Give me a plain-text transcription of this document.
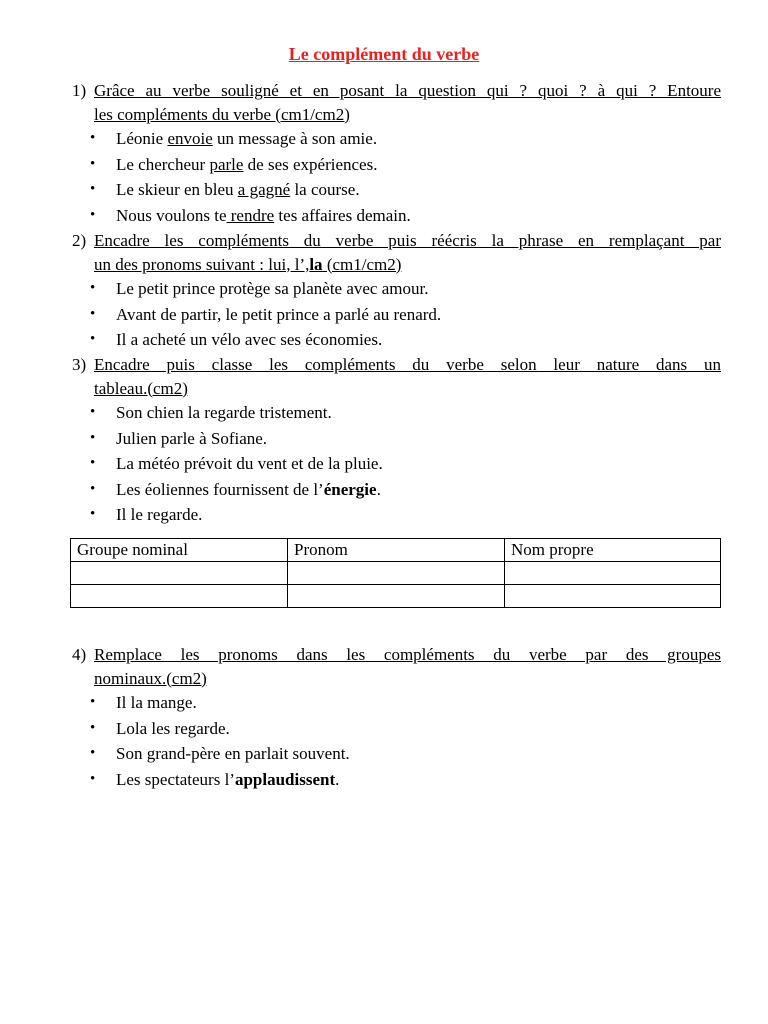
Le complément du verbe
1) Grâce au verbe souligné et en posant la question qui ? quoi ? à qui ? Entoure
les compléments du verbe (cm1/cm2)
• Léonie envoie un message à son amie.
• Le chercheur parle de ses expériences.
• Le skieur en bleu a gagné la course.
• Nous voulons te rendre tes affaires demain.
2) Encadre les compléments du verbe puis réécris la phrase en remplaçant par
un des pronoms suivant : lui, l’,la (cm1/cm2)
• Le petit prince protège sa planète avec amour.
• Avant de partir, le petit prince a parlé au renard.
• Il a acheté un vélo avec ses économies.
3) Encadre puis classe les compléments du verbe selon leur nature dans un
tableau.(cm2)
• Son chien la regarde tristement.
• Julien parle à Sofiane.
• La météo prévoit du vent et de la pluie.
• Les éoliennes fournissent de l’énergie.
• Il le regarde.
Groupe nominal	Pronom	Nom propre

4) Remplace les pronoms dans les compléments du verbe par des groupes
nominaux.(cm2)
• Il la mange.
• Lola les regarde.
• Son grand-père en parlait souvent.
• Les spectateurs l’applaudissent.
